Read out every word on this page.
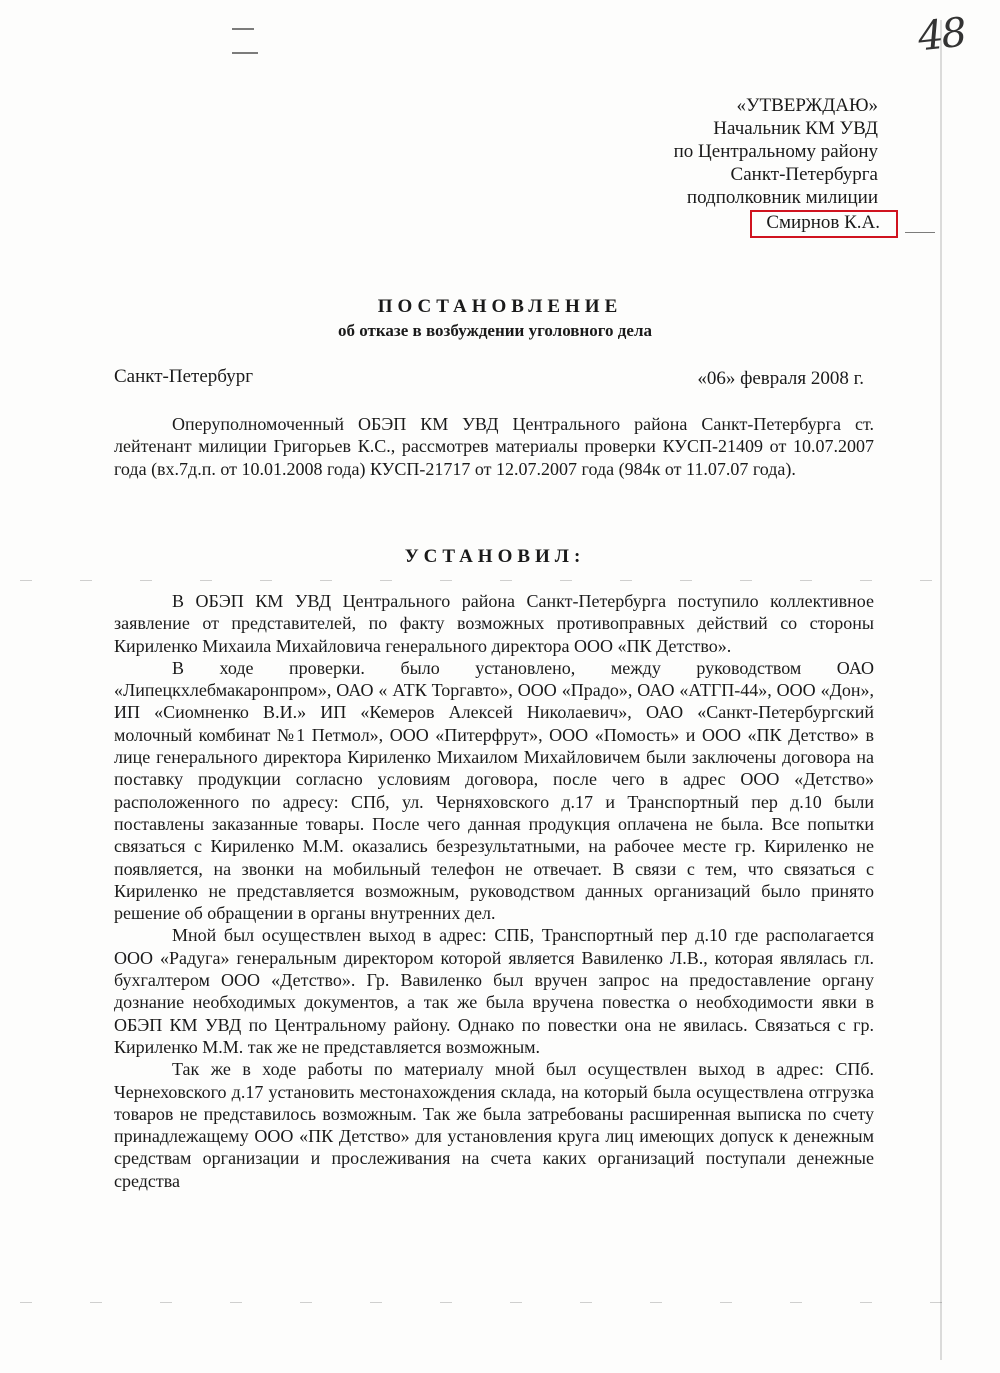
48
«УТВЕРЖДАЮ»
Начальник КМ УВД
по Центральному району
Санкт-Петербурга
подполковник милиции
Смирнов К.А.
ПОСТАНОВЛЕНИЕ
об отказе в возбуждении уголовного дела
Санкт-Петербург	«06» февраля 2008 г.

Оперуполномоченный ОБЭП КМ УВД Центрального района Санкт-Петербурга ст. лейтенант милиции Григорьев К.С., рассмотрев материалы проверки КУСП-21409 от 10.07.2007 года (вх.7д.п. от 10.01.2008 года) КУСП-21717 от 12.07.2007 года (984к от 11.07.07 года).

УСТАНОВИЛ:

В ОБЭП КМ УВД Центрального района Санкт-Петербурга поступило коллективное заявление от представителей, по факту возможных противоправных действий со стороны Кириленко Михаила Михайловича генерального директора ООО «ПК Детство».

В ходе проверки. было установлено, между руководством ОАО «Липецкхлебмакаронпром», ОАО « АТК Торгавто», ООО «Прадо», ОАО «АТГП-44», ООО «Дон», ИП «Сиомненко В.И.» ИП «Кемеров Алексей Николаевич», ОАО «Санкт-Петербургский молочный комбинат №1 Петмол», ООО «Питерфрут», ООО «Помость» и ООО «ПК Детство» в лице генерального директора Кириленко Михаилом Михайловичем были заключены договора на поставку продукции согласно условиям договора, после чего в адрес ООО «Детство» расположенного по адресу: СПб, ул. Черняховского д.17 и Транспортный пер д.10 были поставлены заказанные товары. После чего данная продукция оплачена не была. Все попытки связаться с Кириленко М.М. оказались безрезультатными, на рабочее месте гр. Кириленко не появляется, на звонки на мобильный телефон не отвечает. В связи с тем, что связаться с Кириленко не представляется возможным, руководством данных организаций было принято решение об обращении в органы внутренних дел.

Мной был осуществлен выход в адрес: СПБ, Транспортный пер д.10 где располагается ООО «Радуга» генеральным директором которой является Вавиленко Л.В., которая являлась гл. бухгалтером ООО «Детство». Гр. Вавиленко был вручен запрос на предоставление органу дознание необходимых документов, а так же была вручена повестка о необходимости явки в ОБЭП КМ УВД по Центральному району. Однако по повестки она не явилась. Связаться с гр. Кириленко М.М. так же не представляется возможным.

Так же в ходе работы по материалу мной был осуществлен выход в адрес: СПб. Чернеховского д.17 установить местонахождения склада, на который была осуществлена отгрузка товаров не представилось возможным. Так же была затребованы расширенная выписка по счету принадлежащему ООО «ПК Детство» для установления круга лиц имеющих допуск к денежным средствам организации и прослеживания на счета каких организаций поступали денежные средства
